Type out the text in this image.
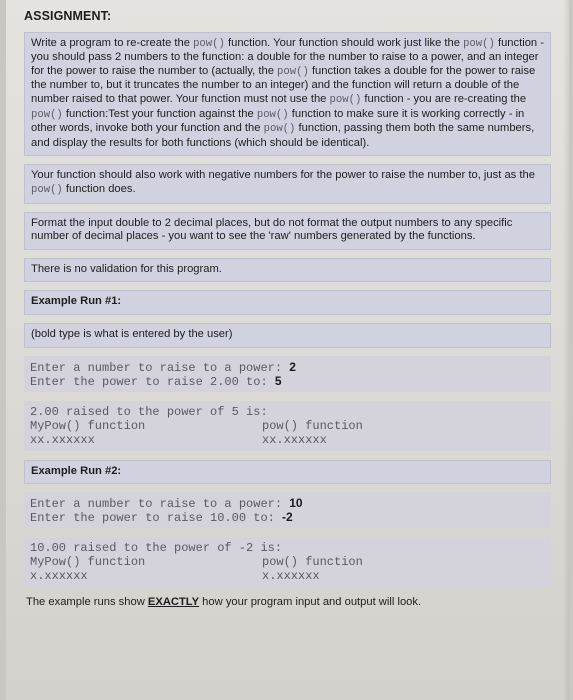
ASSIGNMENT:
Write a program to re-create the pow() function. Your function should work just like the pow() function - you should pass 2 numbers to the function: a double for the number to raise to a power, and an integer for the power to raise the number to (actually, the pow() function takes a double for the power to raise the number to, but it truncates the number to an integer) and the function will return a double of the number raised to that power. Your function must not use the pow() function - you are re-creating the pow() function:Test your function against the pow() function to make sure it is working correctly - in other words, invoke both your function and the pow() function, passing them both the same numbers, and display the results for both functions (which should be identical).
Your function should also work with negative numbers for the power to raise the number to, just as the pow() function does.
Format the input double to 2 decimal places, but do not format the output numbers to any specific number of decimal places - you want to see the 'raw' numbers generated by the functions.
There is no validation for this program.
Example Run #1:
(bold type is what is entered by the user)
Enter a number to raise to a power: 2
Enter the power to raise 2.00 to: 5
2.00 raised to the power of 5 is:
MyPow() function	pow() function
xx.xxxxxx	xx.xxxxxx
Example Run #2:
Enter a number to raise to a power: 10
Enter the power to raise 10.00 to: -2
10.00 raised to the power of -2 is:
MyPow() function	pow() function
x.xxxxxx	x.xxxxxx
The example runs show EXACTLY how your program input and output will look.
